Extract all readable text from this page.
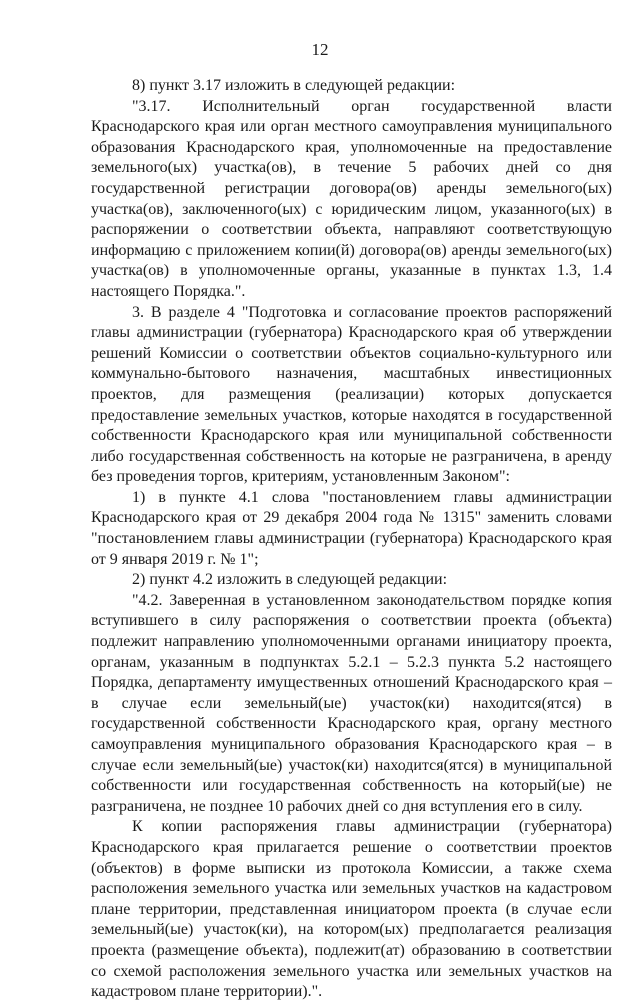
12

8) пункт 3.17 изложить в следующей редакции:

"3.17. Исполнительный орган государственной власти Краснодарского края или орган местного самоуправления муниципального образования Краснодарского края, уполномоченные на предоставление земельного(ых) участка(ов), в течение 5 рабочих дней со дня государственной регистрации договора(ов) аренды земельного(ых) участка(ов), заключенного(ых) с юридическим лицом, указанного(ых) в распоряжении о соответствии объекта, направляют соответствующую информацию с приложением копии(й) договора(ов) аренды земельного(ых) участка(ов) в уполномоченные органы, указанные в пунктах 1.3, 1.4 настоящего Порядка.".

3. В разделе 4 "Подготовка и согласование проектов распоряжений главы администрации (губернатора) Краснодарского края об утверждении решений Комиссии о соответствии объектов социально-культурного или коммунально-бытового назначения, масштабных инвестиционных проектов, для размещения (реализации) которых допускается предоставление земельных участков, которые находятся в государственной собственности Краснодарского края или муниципальной собственности либо государственная собственность на которые не разграничена, в аренду без проведения торгов, критериям, установленным Законом":

1) в пункте 4.1 слова "постановлением главы администрации Краснодарского края от 29 декабря 2004 года № 1315" заменить словами "постановлением главы администрации (губернатора) Краснодарского края от 9 января 2019 г. № 1";

2) пункт 4.2 изложить в следующей редакции:

"4.2. Заверенная в установленном законодательством порядке копия вступившего в силу распоряжения о соответствии проекта (объекта) подлежит направлению уполномоченными органами инициатору проекта, органам, указанным в подпунктах 5.2.1 – 5.2.3 пункта 5.2 настоящего Порядка, департаменту имущественных отношений Краснодарского края – в случае если земельный(ые) участок(ки) находится(ятся) в государственной собственности Краснодарского края, органу местного самоуправления муниципального образования Краснодарского края – в случае если земельный(ые) участок(ки) находится(ятся) в муниципальной собственности или государственная собственность на который(ые) не разграничена, не позднее 10 рабочих дней со дня вступления его в силу.

К копии распоряжения главы администрации (губернатора) Краснодарского края прилагается решение о соответствии проектов (объектов) в форме выписки из протокола Комиссии, а также схема расположения земельного участка или земельных участков на кадастровом плане территории, представленная инициатором проекта (в случае если земельный(ые) участок(ки), на котором(ых) предполагается реализация проекта (размещение объекта), подлежит(ат) образованию в соответствии со схемой расположения земельного участка или земельных участков на кадастровом плане территории).".
